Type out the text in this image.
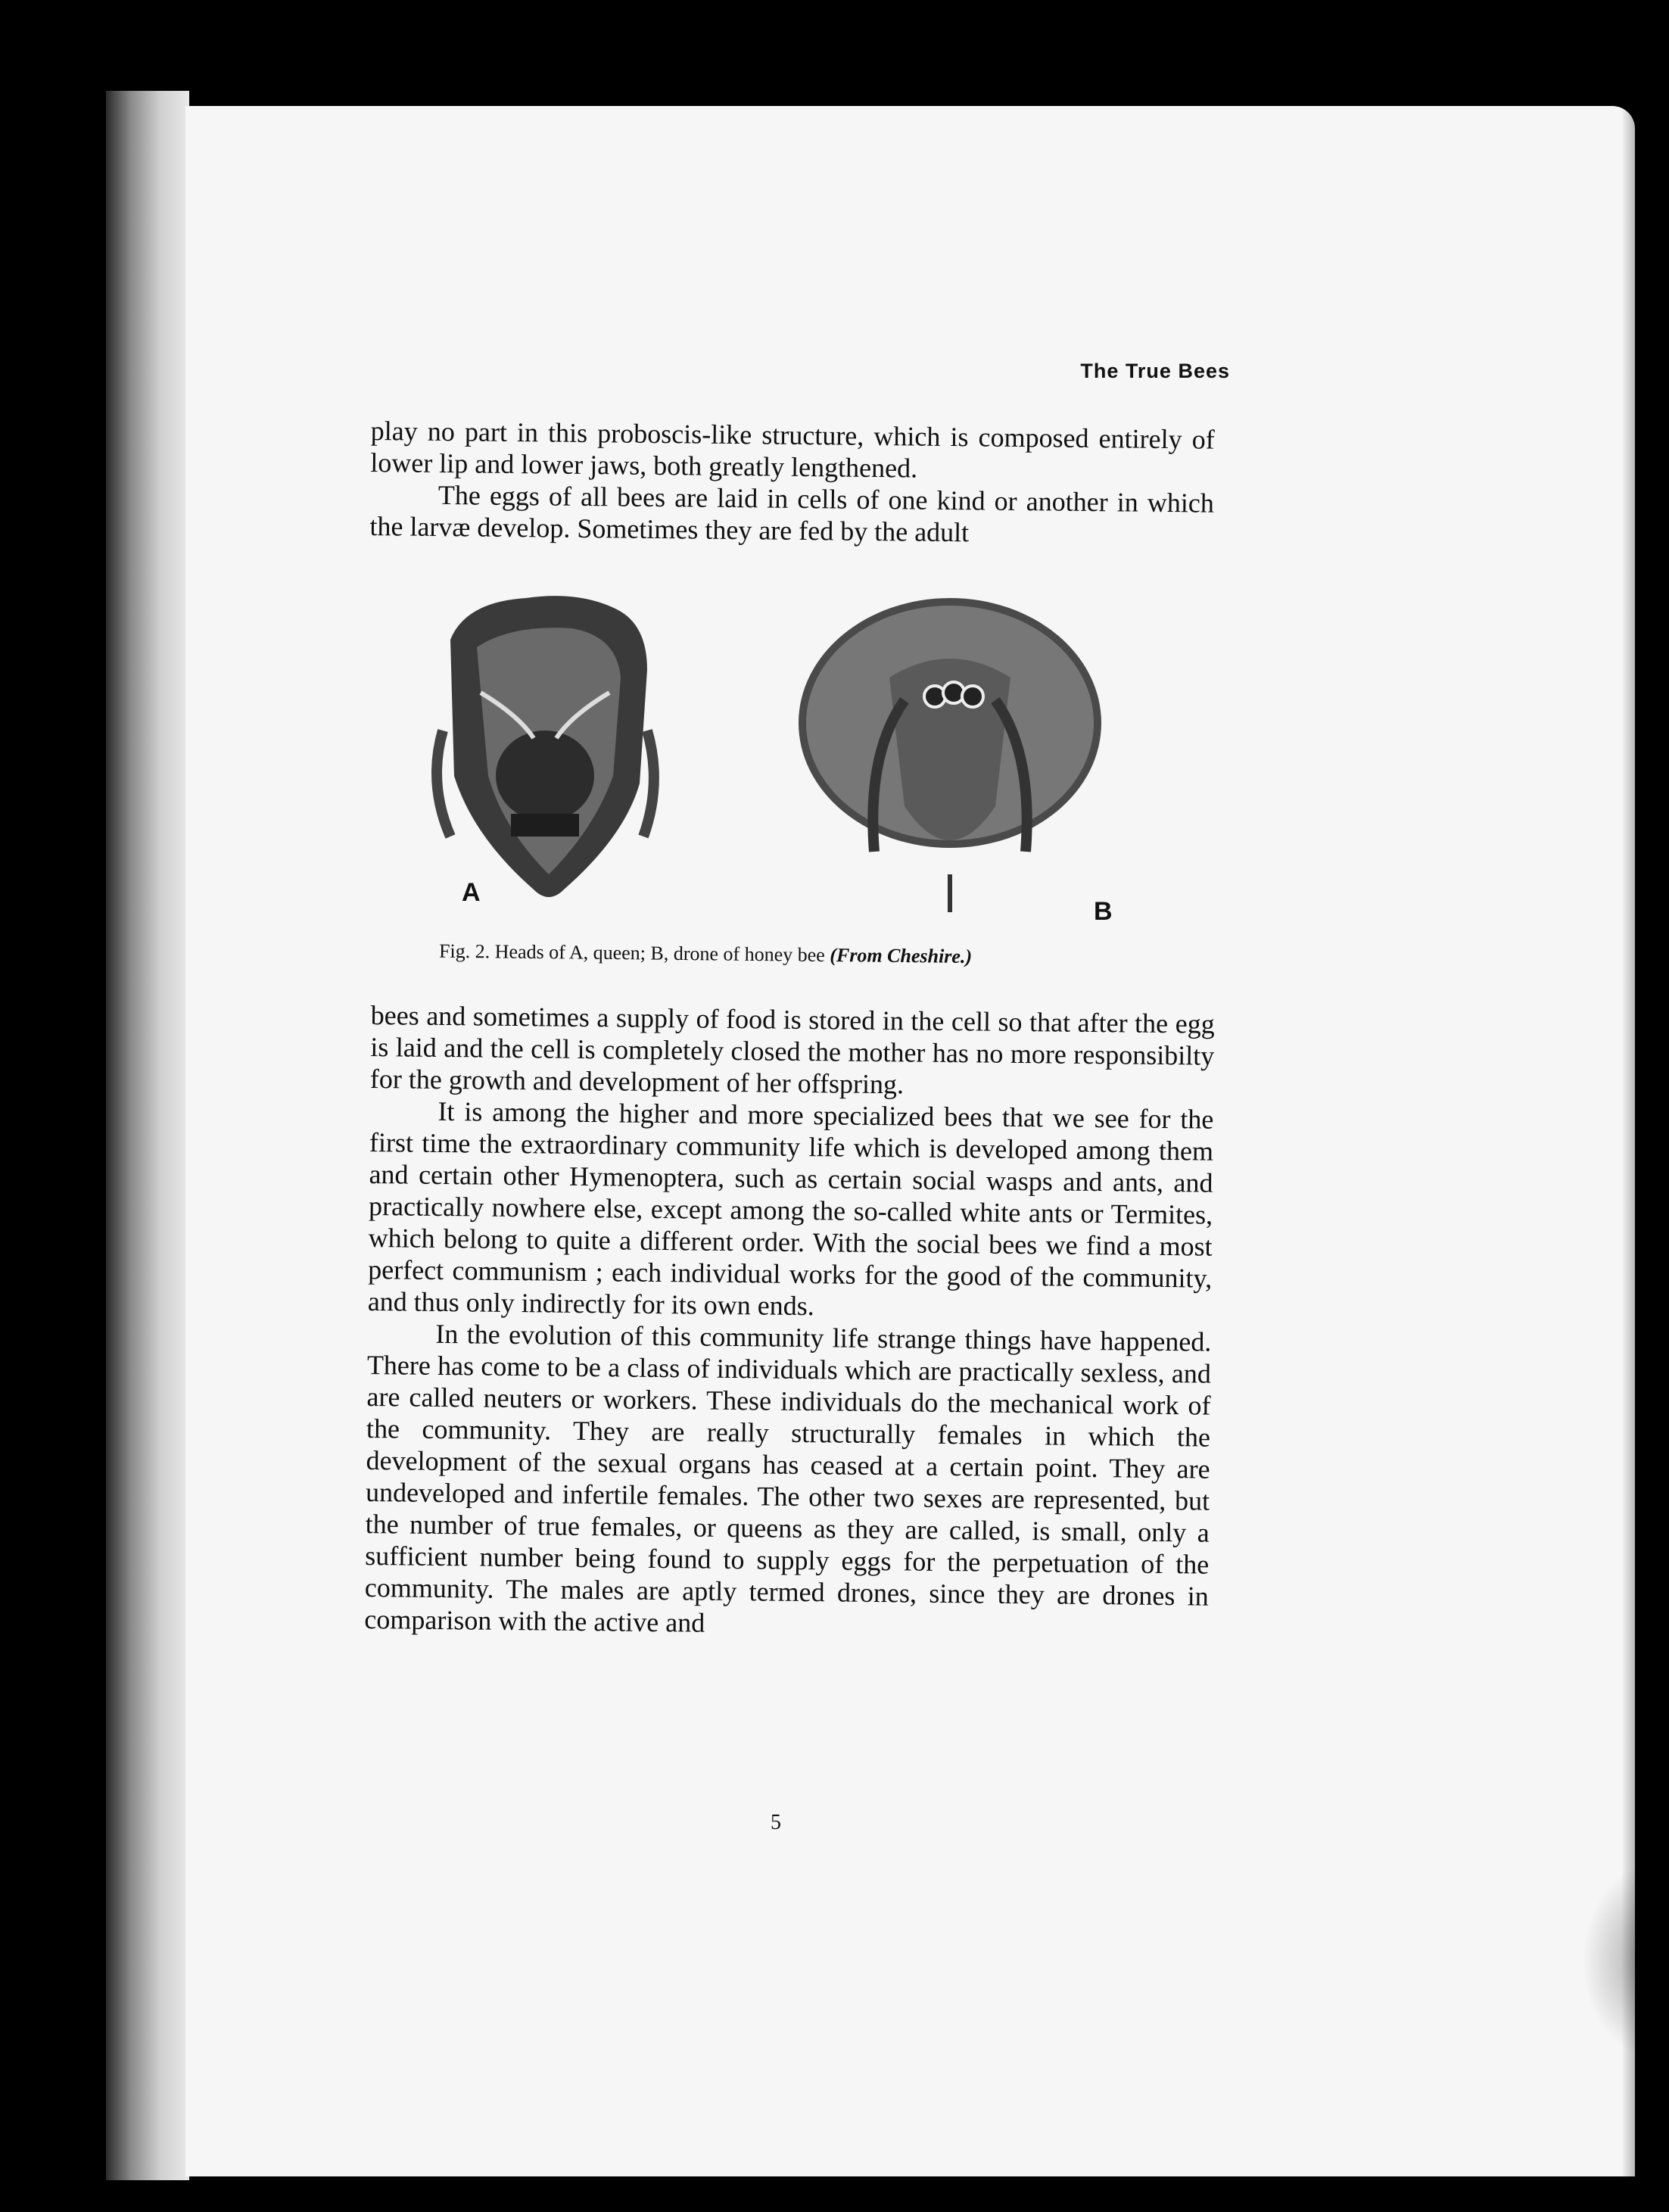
The True Bees

play no part in this proboscis-like structure, which is composed entirely of lower lip and lower jaws, both greatly lengthened.

The eggs of all bees are laid in cells of one kind or another in which the larvæ develop. Sometimes they are fed by the adult

A
B
Fig. 2. Heads of A, queen; B, drone of honey bee (From Cheshire.)

bees and sometimes a supply of food is stored in the cell so that after the egg is laid and the cell is completely closed the mother has no more responsibilty for the growth and development of her offspring.

It is among the higher and more specialized bees that we see for the first time the extraordinary community life which is developed among them and certain other Hymenoptera, such as certain social wasps and ants, and practically nowhere else, except among the so-called white ants or Termites, which belong to quite a different order. With the social bees we find a most perfect communism ; each individual works for the good of the community, and thus only indirectly for its own ends.

In the evolution of this community life strange things have happened. There has come to be a class of individuals which are practically sexless, and are called neuters or workers. These individuals do the mechanical work of the community. They are really structurally females in which the development of the sexual organs has ceased at a certain point. They are undeveloped and infertile females. The other two sexes are represented, but the number of true females, or queens as they are called, is small, only a sufficient number being found to supply eggs for the perpetuation of the community. The males are aptly termed drones, since they are drones in comparison with the active and

5
